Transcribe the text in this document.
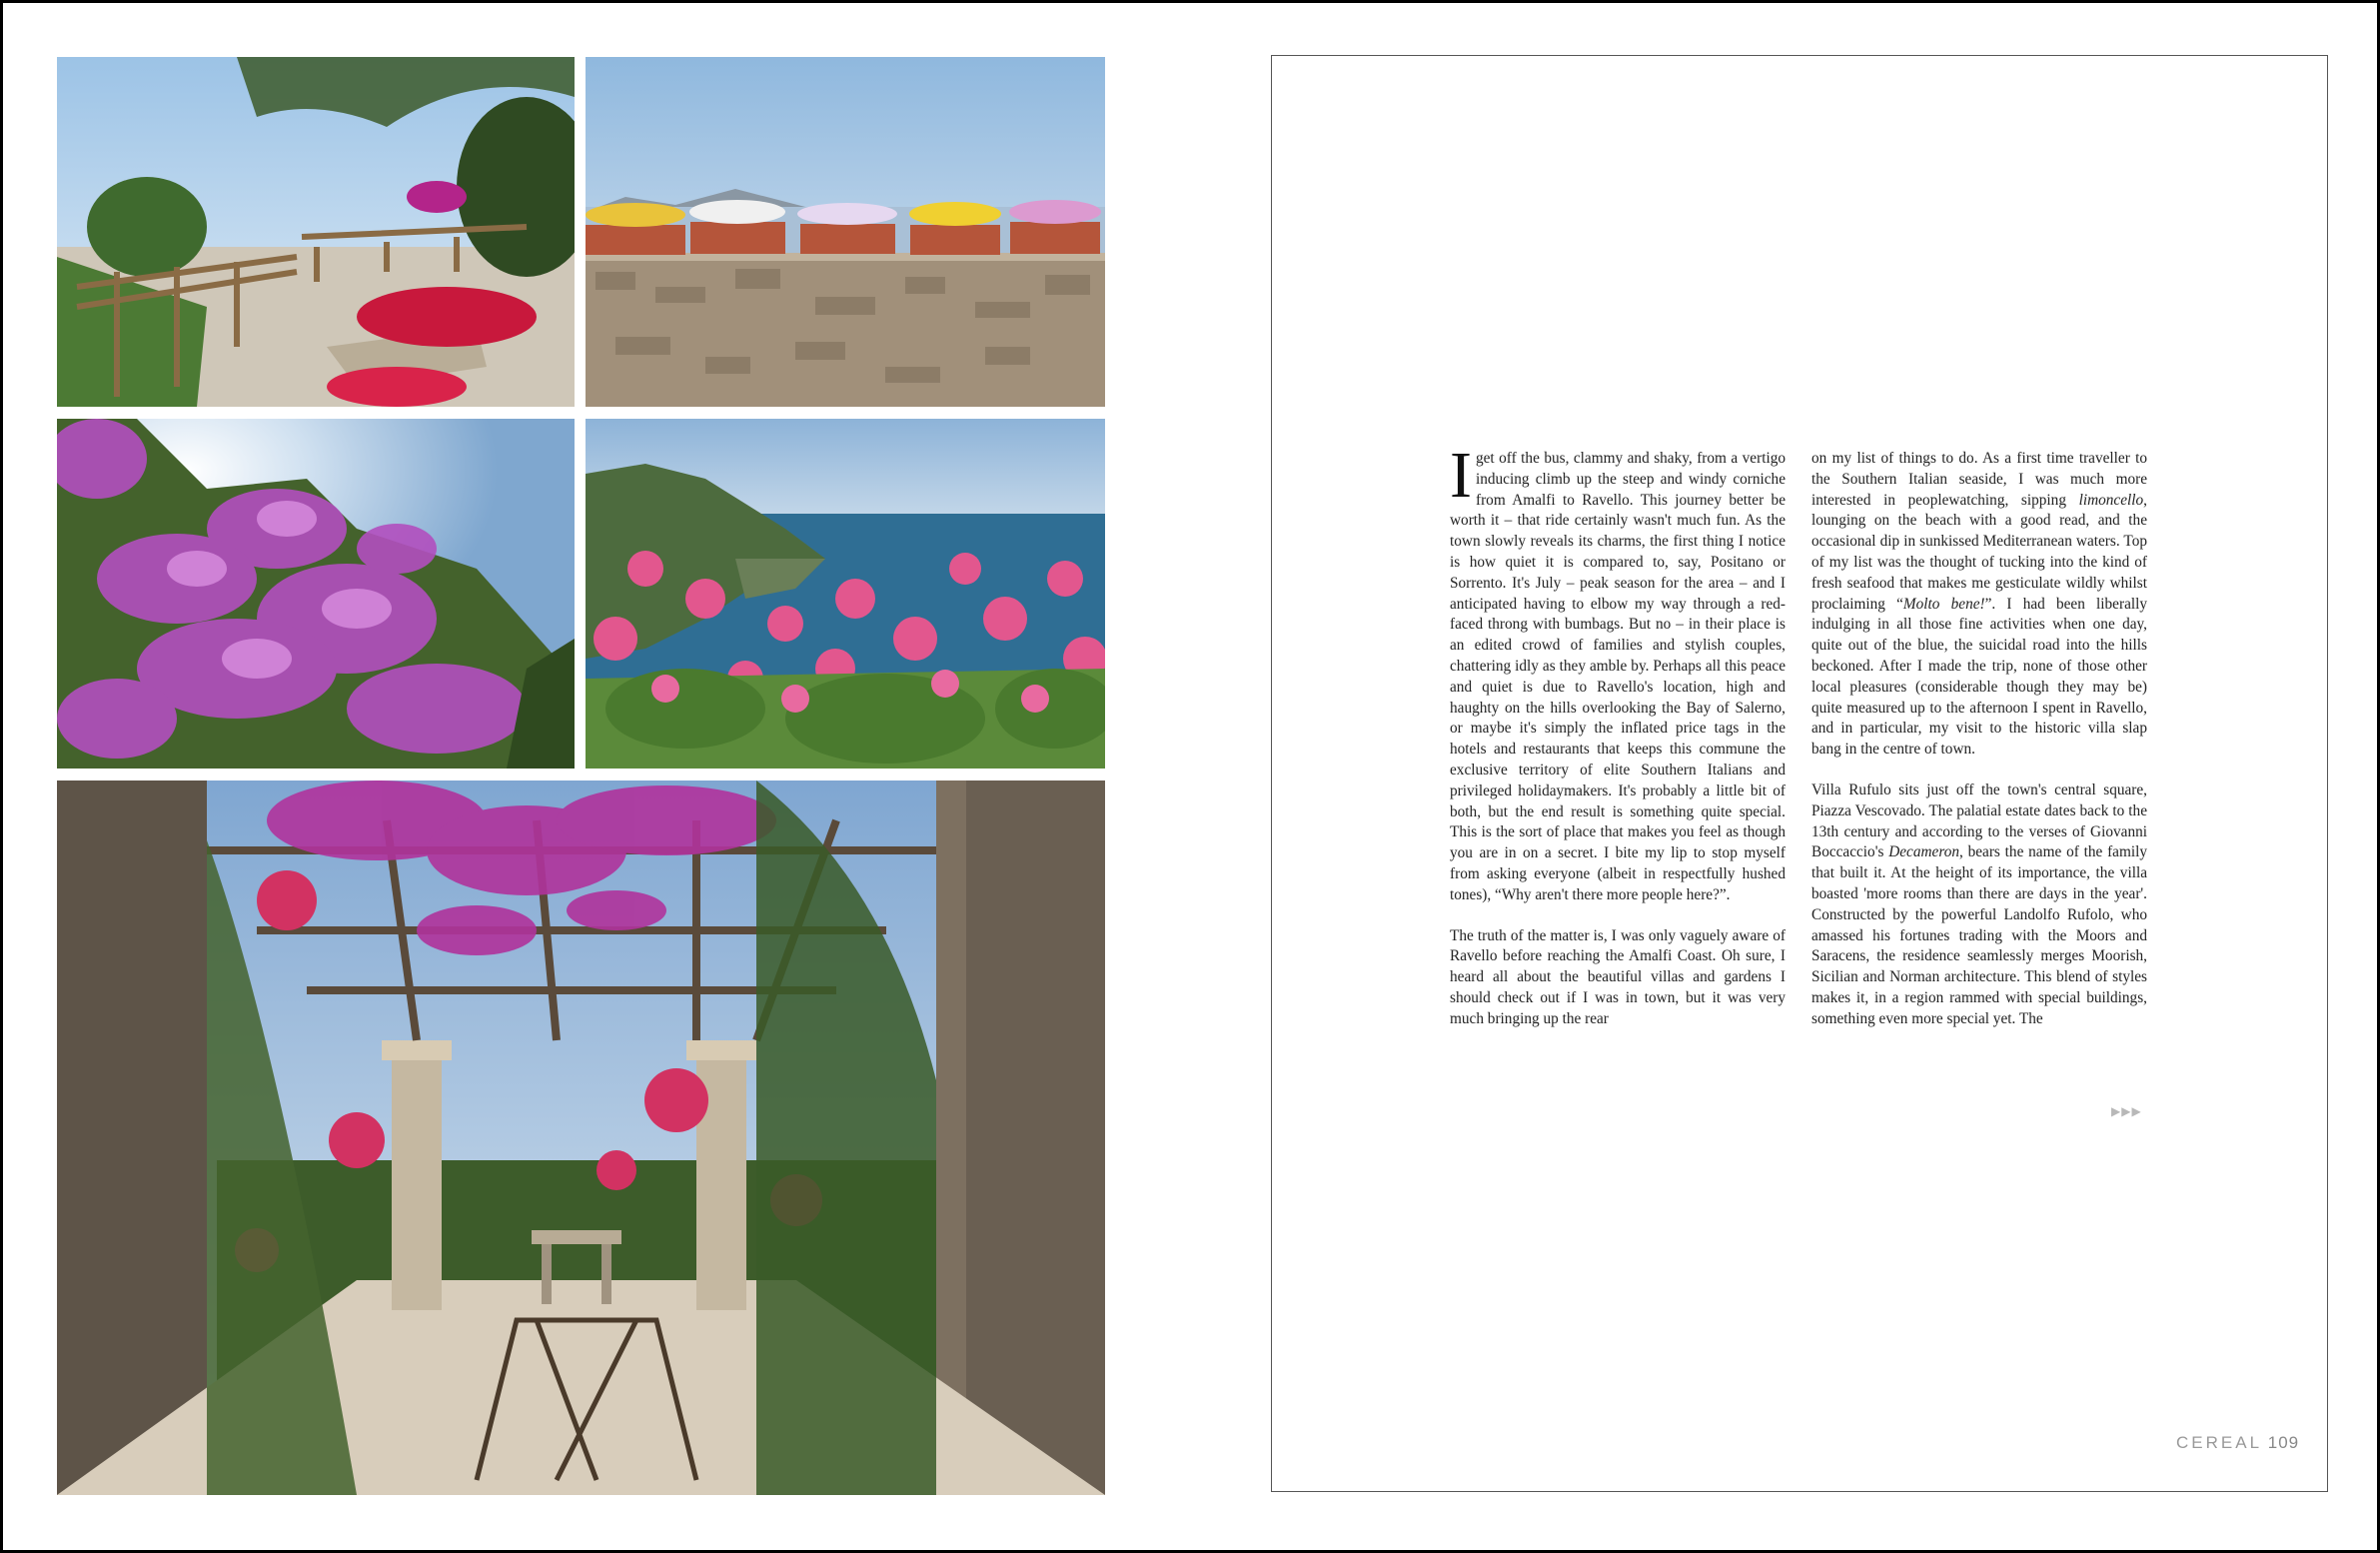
I get off the bus, clammy and shaky, from a vertigo inducing climb up the steep and windy corniche from Amalfi to Ravello. This journey better be worth it – that ride certainly wasn't much fun. As the town slowly reveals its charms, the first thing I notice is how quiet it is compared to, say, Positano or Sorrento. It's July – peak season for the area – and I anticipated having to elbow my way through a red-faced throng with bumbags. But no – in their place is an edited crowd of families and stylish couples, chattering idly as they amble by. Perhaps all this peace and quiet is due to Ravello's location, high and haughty on the hills overlooking the Bay of Salerno, or maybe it's simply the inflated price tags in the hotels and restaurants that keeps this commune the exclusive territory of elite Southern Italians and privileged holidaymakers. It's probably a little bit of both, but the end result is something quite special. This is the sort of place that makes you feel as though you are in on a secret. I bite my lip to stop myself from asking everyone (albeit in respectfully hushed tones), “Why aren't there more people here?”.

The truth of the matter is, I was only vaguely aware of Ravello before reaching the Amalfi Coast. Oh sure, I heard all about the beautiful villas and gardens I should check out if I was in town, but it was very much bringing up the rear

on my list of things to do. As a first time traveller to the Southern Italian seaside, I was much more interested in peoplewatching, sipping limoncello, lounging on the beach with a good read, and the occasional dip in sunkissed Mediterranean waters. Top of my list was the thought of tucking into the kind of fresh seafood that makes me gesticulate wildly whilst proclaiming “Molto bene!”. I had been liberally indulging in all those fine activities when one day, quite out of the blue, the suicidal road into the hills beckoned. After I made the trip, none of those other local pleasures (considerable though they may be) quite measured up to the afternoon I spent in Ravello, and in particular, my visit to the historic villa slap bang in the centre of town.

Villa Rufulo sits just off the town's central square, Piazza Vescovado. The palatial estate dates back to the 13th century and according to the verses of Giovanni Boccaccio's Decameron, bears the name of the family that built it. At the height of its importance, the villa boasted 'more rooms than there are days in the year'. Constructed by the powerful Landolfo Rufolo, who amassed his fortunes trading with the Moors and Saracens, the residence seamlessly merges Moorish, Sicilian and Norman architecture. This blend of styles makes it, in a region rammed with special buildings, something even more special yet. The

▶▶▶
CEREAL 109
